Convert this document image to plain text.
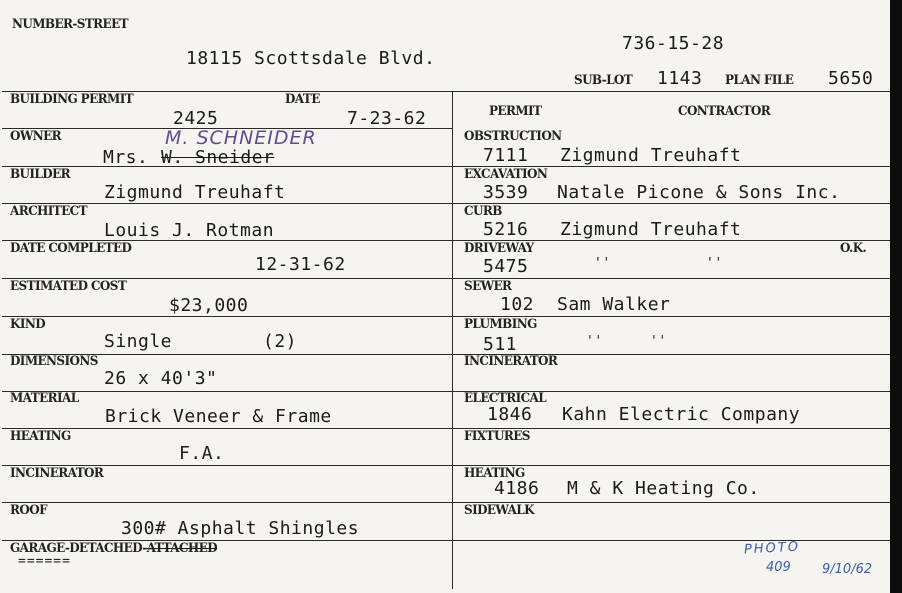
NUMBER-STREET
18115 Scottsdale Blvd.
736-15-28
SUB-LOT 1143 PLAN FILE 5650
BUILDING PERMIT	DATE
2425	7-23-62
OWNER
Mrs. W. Sneider
M. SCHNEIDER
BUILDER
Zigmund Treuhaft
ARCHITECT
Louis J. Rotman
DATE COMPLETED
12-31-62
ESTIMATED COST
$23,000
KIND
Single	(2)
DIMENSIONS
26 x 40'3"
MATERIAL
Brick Veneer & Frame
HEATING
F.A.
INCINERATOR
ROOF
300# Asphalt Shingles
GARAGE-DETACHED-ATTACHED
======
PERMIT	CONTRACTOR
OBSTRUCTION
7111 Zigmund Treuhaft
EXCAVATION
3539 Natale Picone & Sons Inc.
CURB
5216 Zigmund Treuhaft
DRIVEWAY
5475	''	''
O.K.
SEWER
102 Sam Walker
PLUMBING
511	''	''
INCINERATOR
ELECTRICAL
1846 Kahn Electric Company
FIXTURES
HEATING
4186 M & K Heating Co.
SIDEWALK
PHOTO
409 9/10/62
